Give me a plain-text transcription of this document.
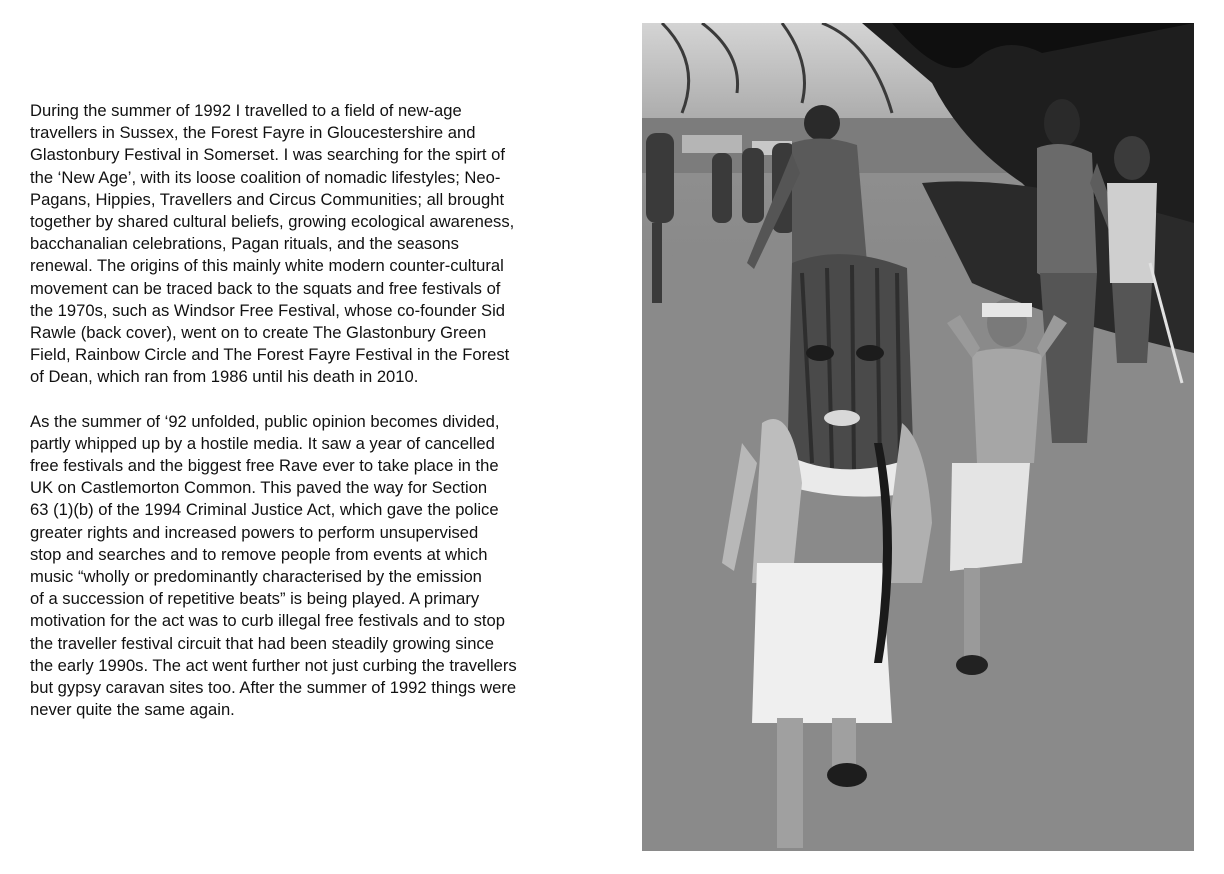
During the summer of 1992 I travelled to a field of new-age
travellers in Sussex, the Forest Fayre in Gloucestershire and
Glastonbury Festival in Somerset. I was searching for the spirt of
the ‘New Age’, with its loose coalition of nomadic lifestyles; Neo-
Pagans, Hippies, Travellers and Circus Communities; all brought
together by shared cultural beliefs, growing ecological awareness,
bacchanalian celebrations, Pagan rituals, and the seasons
renewal. The origins of this mainly white modern counter-cultural
movement can be traced back to the squats and free festivals of
the 1970s, such as Windsor Free Festival, whose co-founder Sid
Rawle (back cover), went on to create The Glastonbury Green
Field, Rainbow Circle and The Forest Fayre Festival in the Forest
of Dean, which ran from 1986 until his death in 2010.

As the summer of ‘92 unfolded, public opinion becomes divided,
partly whipped up by a hostile media. It saw a year of cancelled
free festivals and the biggest free Rave ever to take place in the
UK on Castlemorton Common. This paved the way for Section
63 (1)(b) of the 1994 Criminal Justice Act, which gave the police
greater rights and increased powers to perform unsupervised
stop and searches and to remove people from events at which
music “wholly or predominantly characterised by the emission
of a succession of repetitive beats” is being played. A primary
motivation for the act was to curb illegal free festivals and to stop
the traveller festival circuit that had been steadily growing since
the early 1990s. The act went further not just curbing the travellers
but gypsy caravan sites too. After the summer of 1992 things were
never quite the same again.
